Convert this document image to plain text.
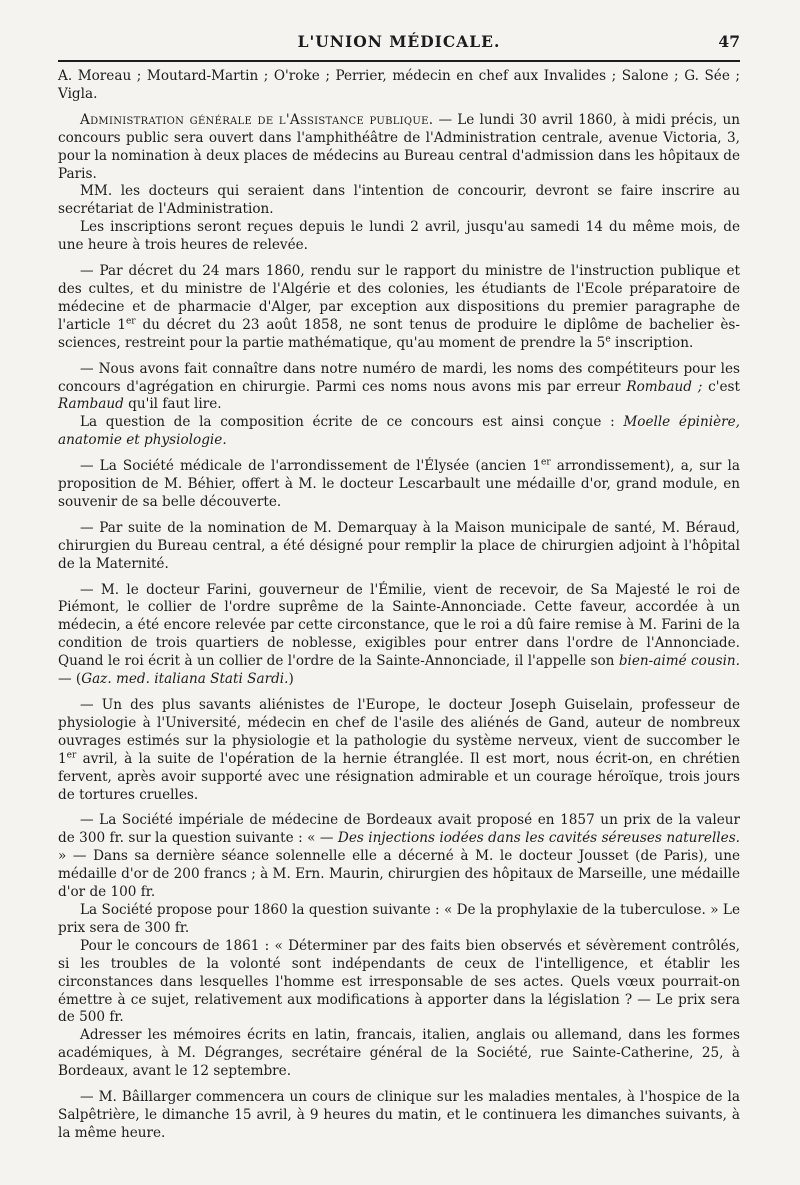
L'UNION MÉDICALE.	47

A. Moreau ; Moutard-Martin ; O'roke ; Perrier, médecin en chef aux Invalides ; Salone ; G. Sée ; Vigla.

Administration générale de l'Assistance publique. — Le lundi 30 avril 1860, à midi précis, un concours public sera ouvert dans l'amphithéâtre de l'Administration centrale, avenue Victoria, 3, pour la nomination à deux places de médecins au Bureau central d'admission dans les hôpitaux de Paris.

MM. les docteurs qui seraient dans l'intention de concourir, devront se faire inscrire au secrétariat de l'Administration.

Les inscriptions seront reçues depuis le lundi 2 avril, jusqu'au samedi 14 du même mois, de une heure à trois heures de relevée.

— Par décret du 24 mars 1860, rendu sur le rapport du ministre de l'instruction publique et des cultes, et du ministre de l'Algérie et des colonies, les étudiants de l'Ecole préparatoire de médecine et de pharmacie d'Alger, par exception aux dispositions du premier paragraphe de l'article 1er du décret du 23 août 1858, ne sont tenus de produire le diplôme de bachelier ès-sciences, restreint pour la partie mathématique, qu'au moment de prendre la 5e inscription.

— Nous avons fait connaître dans notre numéro de mardi, les noms des compétiteurs pour les concours d'agrégation en chirurgie. Parmi ces noms nous avons mis par erreur Rombaud ; c'est Rambaud qu'il faut lire.

La question de la composition écrite de ce concours est ainsi conçue : Moelle épinière, anatomie et physiologie.

— La Société médicale de l'arrondissement de l'Élysée (ancien 1er arrondissement), a, sur la proposition de M. Béhier, offert à M. le docteur Lescarbault une médaille d'or, grand module, en souvenir de sa belle découverte.

— Par suite de la nomination de M. Demarquay à la Maison municipale de santé, M. Béraud, chirurgien du Bureau central, a été désigné pour remplir la place de chirurgien adjoint à l'hôpital de la Maternité.

— M. le docteur Farini, gouverneur de l'Émilie, vient de recevoir, de Sa Majesté le roi de Piémont, le collier de l'ordre suprême de la Sainte-Annonciade. Cette faveur, accordée à un médecin, a été encore relevée par cette circonstance, que le roi a dû faire remise à M. Farini de la condition de trois quartiers de noblesse, exigibles pour entrer dans l'ordre de l'Annonciade. Quand le roi écrit à un collier de l'ordre de la Sainte-Annonciade, il l'appelle son bien-aimé cousin. — (Gaz. med. italiana Stati Sardi.)

— Un des plus savants aliénistes de l'Europe, le docteur Joseph Guiselain, professeur de physiologie à l'Université, médecin en chef de l'asile des aliénés de Gand, auteur de nombreux ouvrages estimés sur la physiologie et la pathologie du système nerveux, vient de succomber le 1er avril, à la suite de l'opération de la hernie étranglée. Il est mort, nous écrit-on, en chrétien fervent, après avoir supporté avec une résignation admirable et un courage héroïque, trois jours de tortures cruelles.

— La Société impériale de médecine de Bordeaux avait proposé en 1857 un prix de la valeur de 300 fr. sur la question suivante : « — Des injections iodées dans les cavités séreuses naturelles. » — Dans sa dernière séance solennelle elle a décerné à M. le docteur Jousset (de Paris), une médaille d'or de 200 francs ; à M. Ern. Maurin, chirurgien des hôpitaux de Marseille, une médaille d'or de 100 fr.

La Société propose pour 1860 la question suivante : « De la prophylaxie de la tuberculose. » Le prix sera de 300 fr.

Pour le concours de 1861 : « Déterminer par des faits bien observés et sévèrement contrôlés, si les troubles de la volonté sont indépendants de ceux de l'intelligence, et établir les circonstances dans lesquelles l'homme est irresponsable de ses actes. Quels vœux pourrait-on émettre à ce sujet, relativement aux modifications à apporter dans la législation ? — Le prix sera de 500 fr.

Adresser les mémoires écrits en latin, francais, italien, anglais ou allemand, dans les formes académiques, à M. Dégranges, secrétaire général de la Société, rue Sainte-Catherine, 25, à Bordeaux, avant le 12 septembre.

— M. Bâillarger commencera un cours de clinique sur les maladies mentales, à l'hospice de la Salpêtrière, le dimanche 15 avril, à 9 heures du matin, et le continuera les dimanches suivants, à la même heure.
